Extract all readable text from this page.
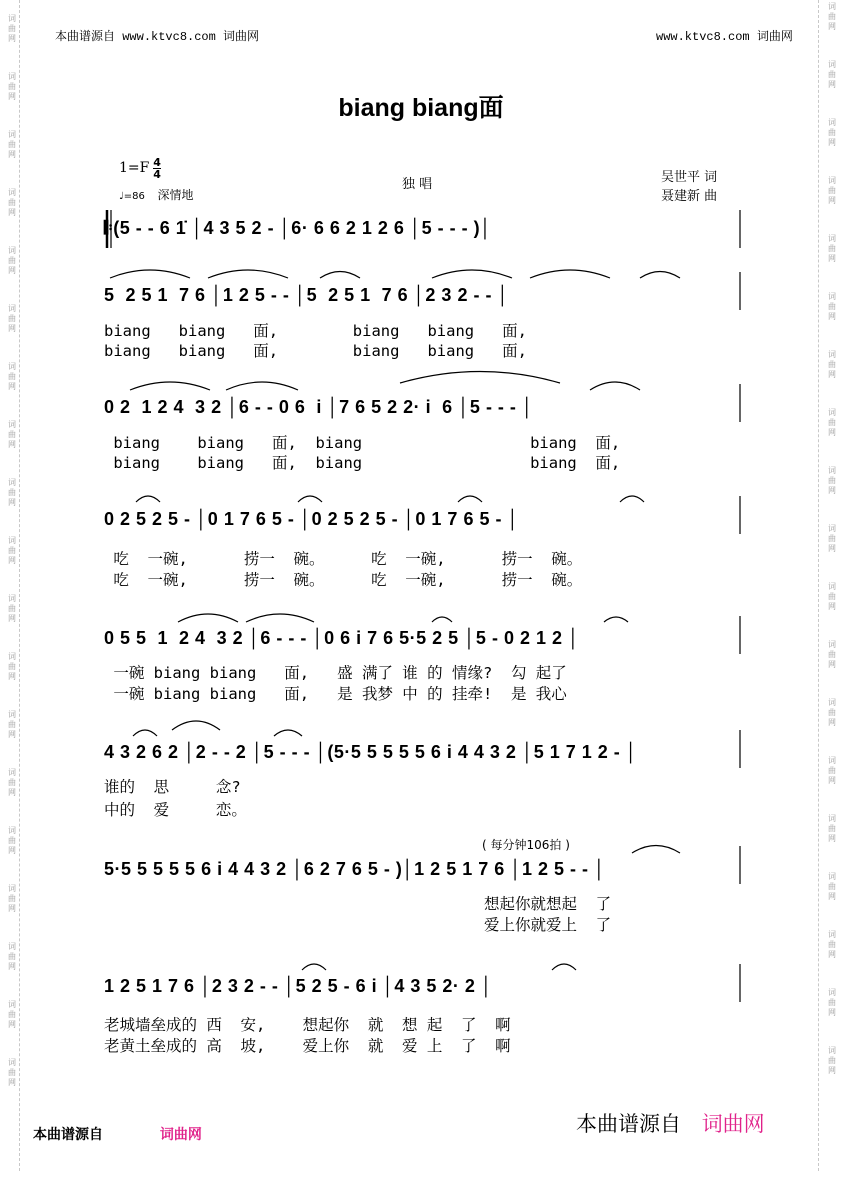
词
曲
网
词
曲
网
词
曲
网
词
曲
网
词
曲
网
词
曲
网
词
曲
网
词
曲
网
词
曲
网
词
曲
网
词
曲
网
词
曲
网
词
曲
网
词
曲
网
词
曲
网
词
曲
网
词
曲
网
词
曲
网
词
曲
网
词
曲
网
词
曲
网
词
曲
网
词
曲
网
词
曲
网
词
曲
网
词
曲
网
词
曲
网
词
曲
网
词
曲
网
词
曲
网
词
曲
网
词
曲
网
词
曲
网
词
曲
网
词
曲
网
词
曲
网
词
曲
网
词
曲
网
本曲谱源自 www.ktvc8.com 词曲网	www.ktvc8.com 词曲网
biang biang面
$1=F \frac{4}{4}$
♩=86 深情地
独 唱	吴世平 词
聂建新 曲
𝄆(5 - - 6 1̇ │4 3 5 2 - │6· 6 6 2 1 2 6 │5 - - - )│
5  2 5 1  7 6 │1 2 5 - - │5  2 5 1  7 6 │2 3 2 - - │
biang   biang   面,        biang   biang   面,
biang   biang   面,        biang   biang   面,
0 2  1 2 4  3 2 │6 - - 0 6  i │7 6 5 2 2· i  6 │5 - - - │
biang    biang   面,  biang                  biang  面,
biang    biang   面,  biang                  biang  面,
0 2 5 2 5 - │0 1 7 6 5 - │0 2 5 2 5 - │0 1 7 6 5 - │
吃  一碗,      捞一  碗。     吃  一碗,      捞一  碗。
吃  一碗,      捞一  碗。     吃  一碗,      捞一  碗。
0 5 5  1  2 4  3 2 │6 - - - │0 6 i 7 6 5·5 2 5 │5 - 0 2 1 2 │
一碗 biang biang   面,   盛 满了 谁 的 情缘?  勾 起了
一碗 biang biang   面,   是 我梦 中 的 挂牵!  是 我心
4 3 2 6 2 │2 - - 2 │5 - - - │(5·5 5 5 5 5 6 i 4 4 3 2 │5 1 7 1 2 - │
谁的  思     念?
中的  爱     恋。
( 每分钟106拍 )
5·5 5 5 5 5 6 i 4 4 3 2 │6 2 7 6 5 - )│1 2 5 1 7 6 │1 2 5 - - │
想起你就想起  了
爱上你就爱上  了
1 2 5 1 7 6 │2 3 2 - - │5 2 5 - 6 i │4 3 5 2· 2 │
老城墙垒成的 西  安,    想起你  就  想 起  了  啊
老黄土垒成的 高  坡,    爱上你  就  爱 上  了  啊
本曲谱源自	词曲网	本曲谱源自 词曲网
